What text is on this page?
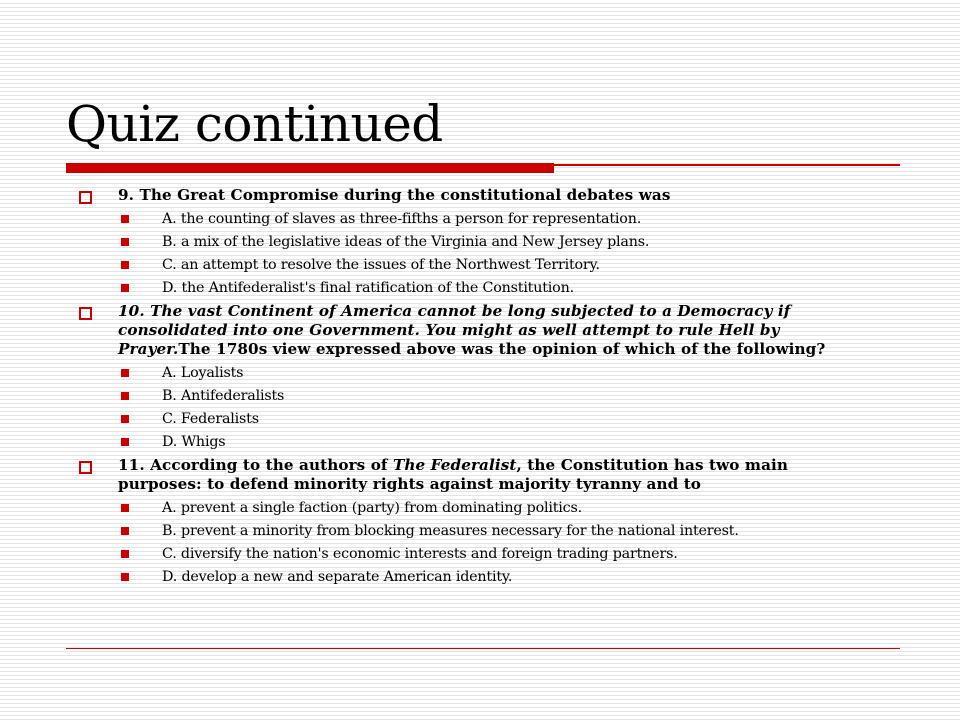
Quiz continued
9. The Great Compromise during the constitutional debates was
A. the counting of slaves as three-fifths a person for representation.
B. a mix of the legislative ideas of the Virginia and New Jersey plans.
C. an attempt to resolve the issues of the Northwest Territory.
D. the Antifederalist's final ratification of the Constitution.
10. The vast Continent of America cannot be long subjected to a Democracy if consolidated into one Government. You might as well attempt to rule Hell by Prayer.The 1780s view expressed above was the opinion of which of the following?
A. Loyalists
B. Antifederalists
C. Federalists
D. Whigs
11. According to the authors of The Federalist, the Constitution has two main purposes: to defend minority rights against majority tyranny and to
A. prevent a single faction (party) from dominating politics.
B. prevent a minority from blocking measures necessary for the national interest.
C. diversify the nation's economic interests and foreign trading partners.
D. develop a new and separate American identity.
